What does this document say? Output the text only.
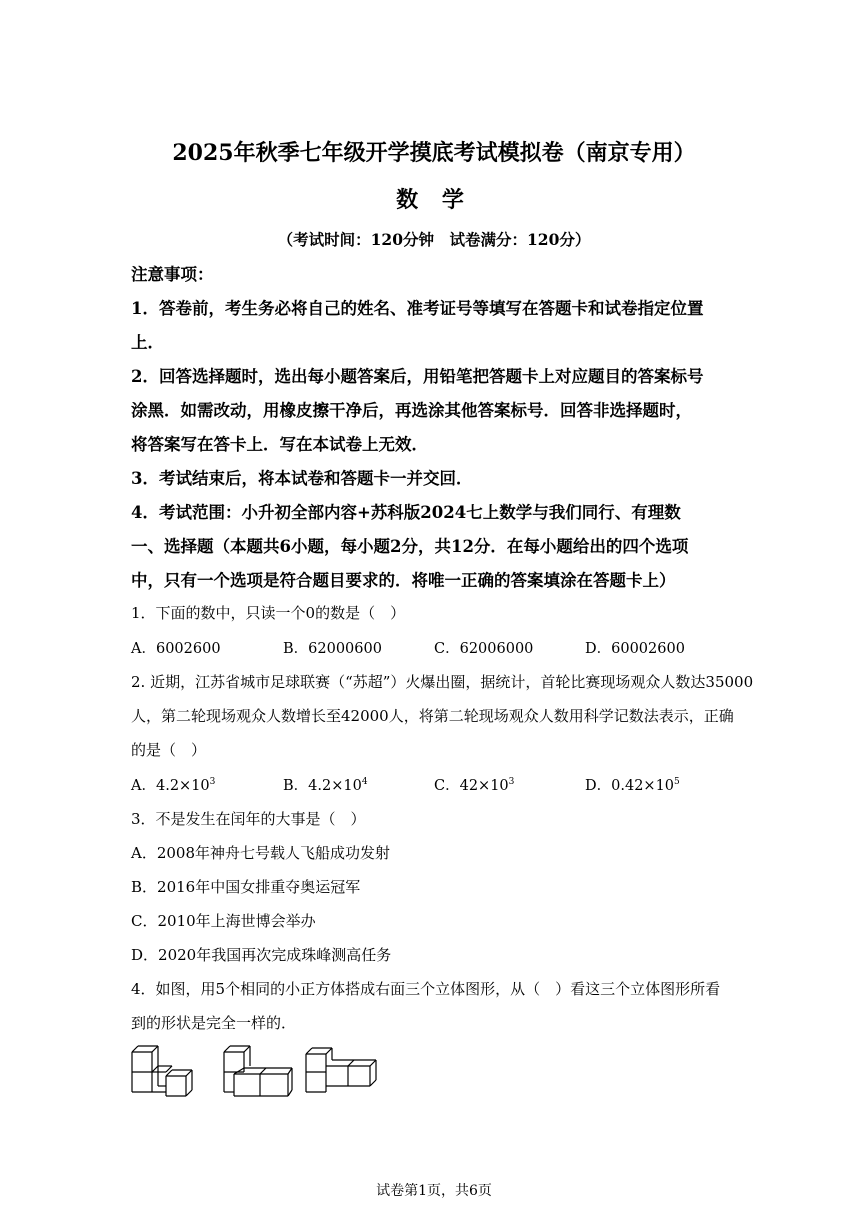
2025年秋季七年级开学摸底考试模拟卷（南京专用）
数 学
（考试时间：120分钟　试卷满分：120分）
注意事项：
1．答卷前，考生务必将自己的姓名、准考证号等填写在答题卡和试卷指定位置
上．
2．回答选择题时，选出每小题答案后，用铅笔把答题卡上对应题目的答案标号
涂黑．如需改动，用橡皮擦干净后，再选涂其他答案标号．回答非选择题时，
将答案写在答卡上．写在本试卷上无效．
3．考试结束后，将本试卷和答题卡一并交回．
4．考试范围：小升初全部内容+苏科版2024七上数学与我们同行、有理数
一、选择题（本题共6小题，每小题2分，共12分．在每小题给出的四个选项
中，只有一个选项是符合题目要求的．将唯一正确的答案填涂在答题卡上）
1．下面的数中，只读一个0的数是（　）
A．6002600	B．62000600	C．62006000	D．60002600
2. 近期，江苏省城市足球联赛（“苏超”）火爆出圈，据统计，首轮比赛现场观众人数达35000
人，第二轮现场观众人数增长至42000人，将第二轮现场观众人数用科学记数法表示，正确
的是（　）
A．$4.2\times 10^3$	B．$4.2\times 10^4$	C．$42\times 10^3$	D．$0.42\times 10^5$
3．不是发生在闰年的大事是（　）
A．2008年神舟七号载人飞船成功发射
B．2016年中国女排重夺奥运冠军
C．2010年上海世博会举办
D．2020年我国再次完成珠峰测高任务
4．如图，用5个相同的小正方体搭成右面三个立体图形，从（　）看这三个立体图形所看
到的形状是完全一样的．
试卷第1页，共6页
